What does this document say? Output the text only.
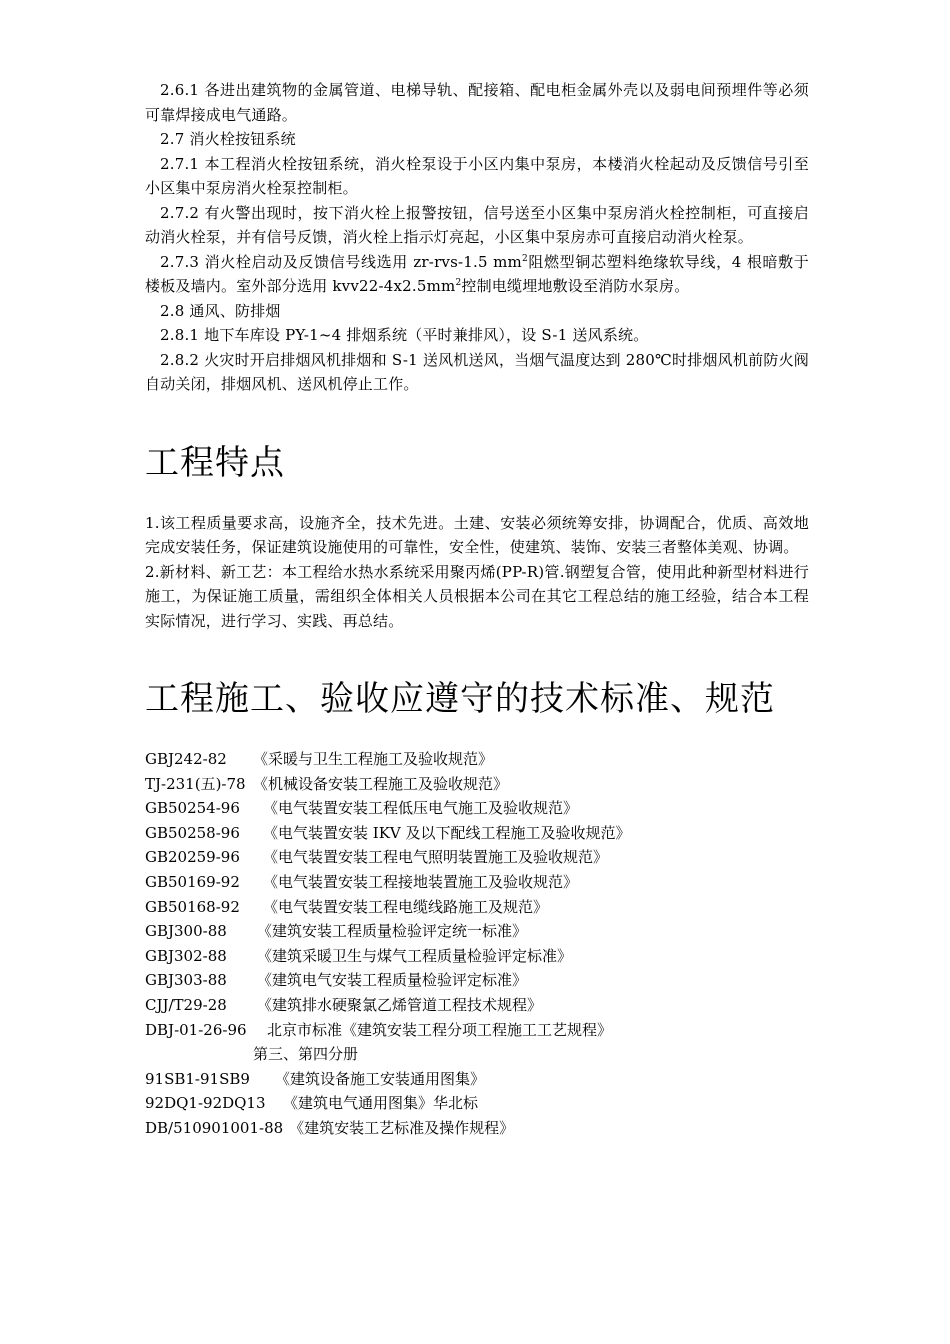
2.6.1 各进出建筑物的金属管道、电梯导轨、配接箱、配电柜金属外壳以及弱电间预埋件等必须可靠焊接成电气通路。

2.7 消火栓按钮系统

2.7.1 本工程消火栓按钮系统，消火栓泵设于小区内集中泵房，本楼消火栓起动及反馈信号引至小区集中泵房消火栓泵控制柜。

2.7.2 有火警出现时，按下消火栓上报警按钮，信号送至小区集中泵房消火栓控制柜，可直接启动消火栓泵，并有信号反馈，消火栓上指示灯亮起，小区集中泵房赤可直接启动消火栓泵。

2.7.3 消火栓启动及反馈信号线选用 zr-rvs-1.5 $mm^2$阻燃型铜芯塑料绝缘软导线，4 根暗敷于楼板及墙内。室外部分选用 $kvv22-4x2.5mm^2$控制电缆埋地敷设至消防水泵房。

2.8 通风、防排烟

2.8.1 地下车库设 PY-1~4 排烟系统（平时兼排风），设 S-1 送风系统。

2.8.2 火灾时开启排烟风机排烟和 S-1 送风机送风，当烟气温度达到 280℃时排烟风机前防火阀自动关闭，排烟风机、送风机停止工作。

工程特点

1.该工程质量要求高，设施齐全，技术先进。土建、安装必须统筹安排，协调配合，优质、高效地完成安装任务，保证建筑设施使用的可靠性，安全性，使建筑、装饰、安装三者整体美观、协调。

2.新材料、新工艺：本工程给水热水系统采用聚丙烯(PP-R)管.钢塑复合管，使用此种新型材料进行施工，为保证施工质量，需组织全体相关人员根据本公司在其它工程总结的施工经验，结合本工程实际情况，进行学习、实践、再总结。

工程施工、验收应遵守的技术标准、规范

GBJ242-82 《采暖与卫生工程施工及验收规范》

TJ-231(五)-78 《机械设备安装工程施工及验收规范》

GB50254-96 《电气装置安装工程低压电气施工及验收规范》

GB50258-96 《电气装置安装 IKV 及以下配线工程施工及验收规范》

GB20259-96 《电气装置安装工程电气照明装置施工及验收规范》

GB50169-92 《电气装置安装工程接地装置施工及验收规范》

GB50168-92 《电气装置安装工程电缆线路施工及规范》

GBJ300-88 《建筑安装工程质量检验评定统一标准》

GBJ302-88 《建筑采暖卫生与煤气工程质量检验评定标准》

GBJ303-88 《建筑电气安装工程质量检验评定标准》

CJJ/T29-28 《建筑排水硬聚氯乙烯管道工程技术规程》

DBJ-01-26-96 北京市标准《建筑安装工程分项工程施工工艺规程》

第三、第四分册

91SB1-91SB9 《建筑设备施工安装通用图集》

92DQ1-92DQ13 《建筑电气通用图集》华北标

DB/510901001-88 《建筑安装工艺标准及操作规程》
